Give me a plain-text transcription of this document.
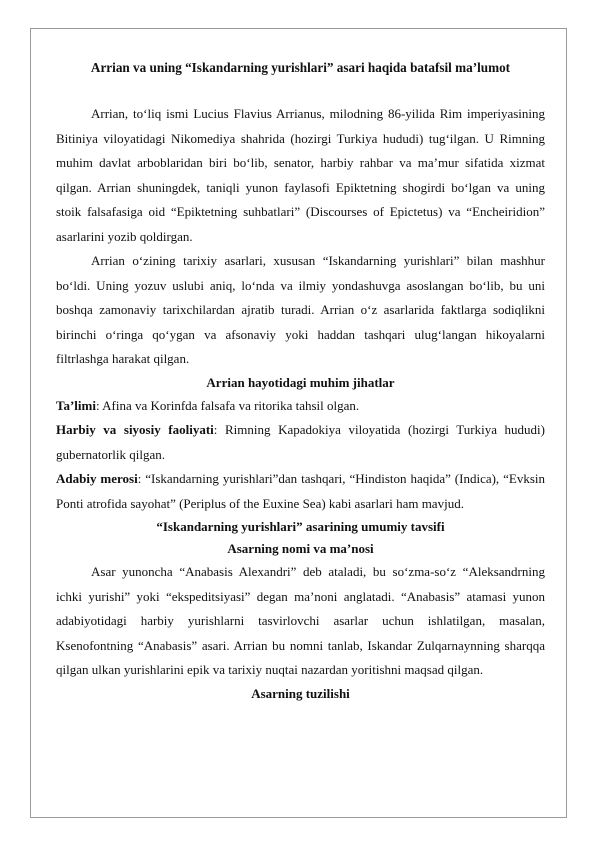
Arrian va uning “Iskandarning yurishlari” asari haqida batafsil ma’lumot

Arrian, to‘liq ismi Lucius Flavius Arrianus, milodning 86-yilida Rim imperiyasining Bitiniya viloyatidagi Nikomediya shahrida (hozirgi Turkiya hududi) tug‘ilgan. U Rimning muhim davlat arboblaridan biri bo‘lib, senator, harbiy rahbar va ma’mur sifatida xizmat qilgan. Arrian shuningdek, taniqli yunon faylasofi Epiktetning shogirdi bo‘lgan va uning stoik falsafasiga oid “Epiktetning suhbatlari” (Discourses of Epictetus) va “Encheiridion” asarlarini yozib qoldirgan.

Arrian o‘zining tarixiy asarlari, xususan “Iskandarning yurishlari” bilan mashhur bo‘ldi. Uning yozuv uslubi aniq, lo‘nda va ilmiy yondashuvga asoslangan bo‘lib, bu uni boshqa zamonaviy tarixchilardan ajratib turadi. Arrian o‘z asarlarida faktlarga sodiqlikni birinchi o‘ringa qo‘ygan va afsonaviy yoki haddan tashqari ulug‘langan hikoyalarni filtrlashga harakat qilgan.

Arrian hayotidagi muhim jihatlar

Ta’limi: Afina va Korinfda falsafa va ritorika tahsil olgan.

Harbiy va siyosiy faoliyati: Rimning Kapadokiya viloyatida (hozirgi Turkiya hududi) gubernatorlik qilgan.

Adabiy merosi: “Iskandarning yurishlari”dan tashqari, “Hindiston haqida” (Indica), “Evksin Ponti atrofida sayohat” (Periplus of the Euxine Sea) kabi asarlari ham mavjud.

“Iskandarning yurishlari” asarining umumiy tavsifi
Asarning nomi va ma’nosi

Asar yunoncha “Anabasis Alexandri” deb ataladi, bu so‘zma-so‘z “Aleksandrning ichki yurishi” yoki “ekspeditsiyasi” degan ma’noni anglatadi. “Anabasis” atamasi yunon adabiyotidagi harbiy yurishlarni tasvirlovchi asarlar uchun ishlatilgan, masalan, Ksenofontning “Anabasis” asari. Arrian bu nomni tanlab, Iskandar Zulqarnaynning sharqqa qilgan ulkan yurishlarini epik va tarixiy nuqtai nazardan yoritishni maqsad qilgan.

Asarning tuzilishi
